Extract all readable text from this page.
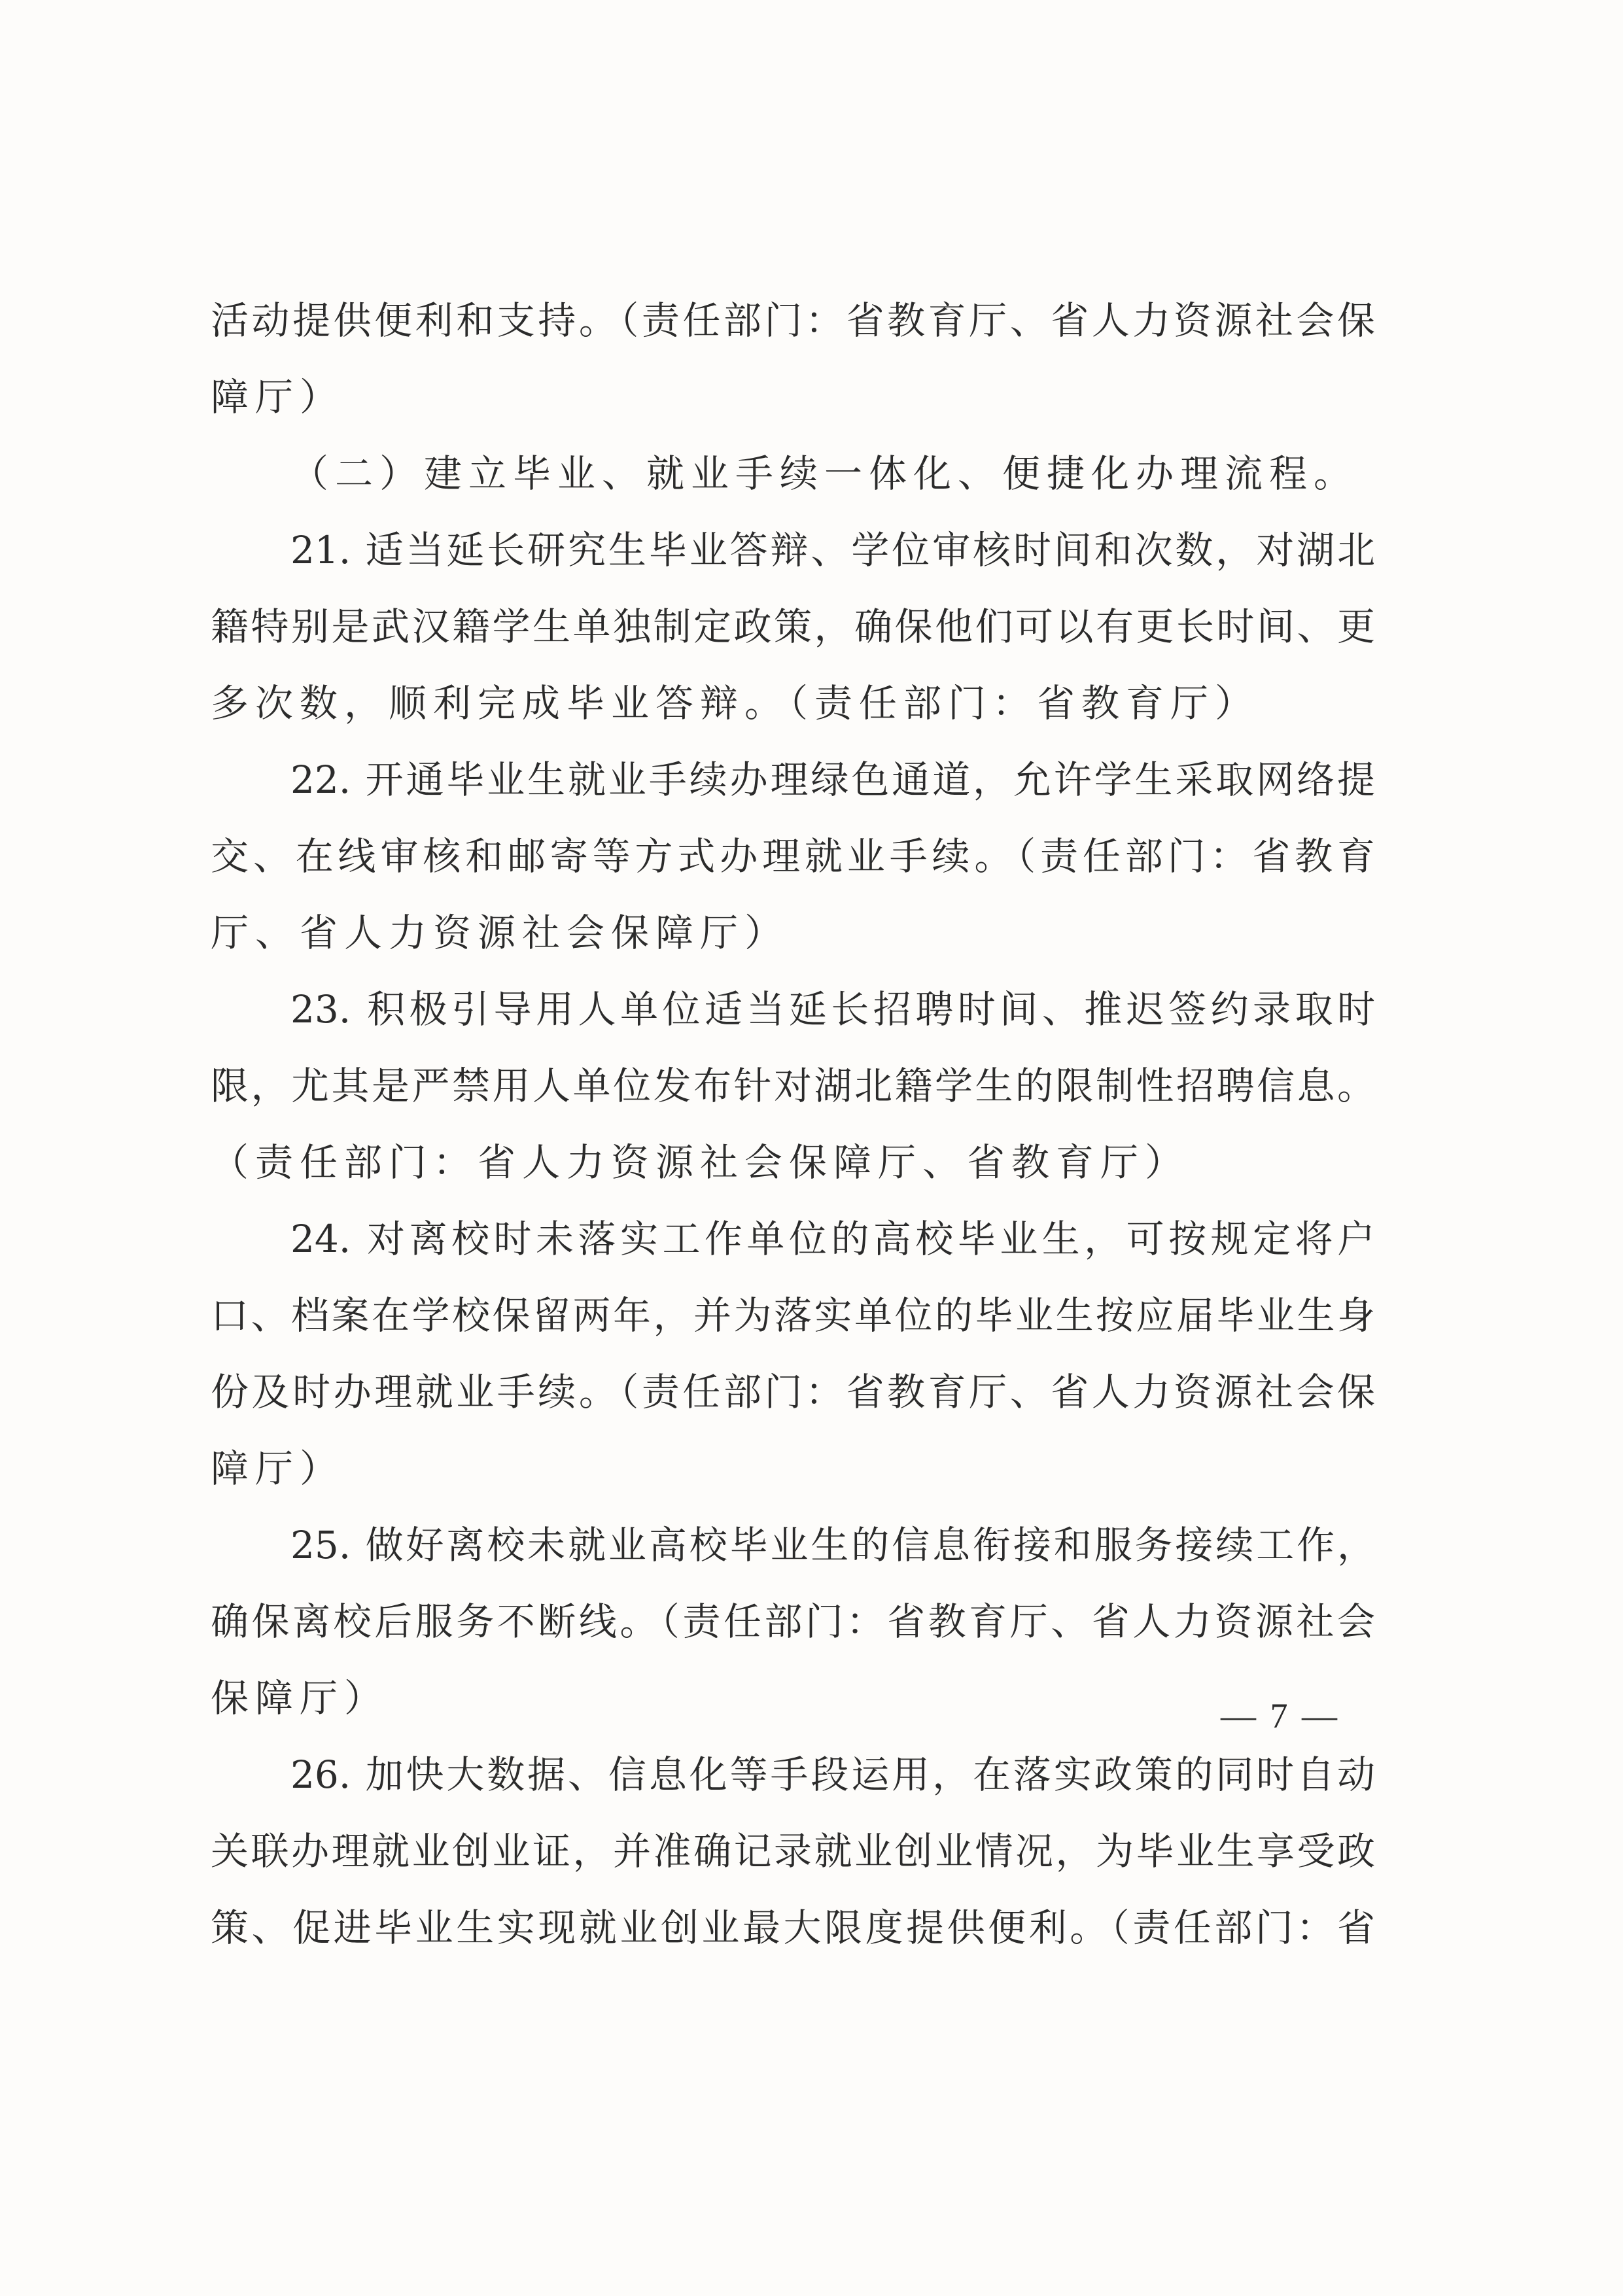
活动提供便利和支持。（责任部门：省教育厅、省人力资源社会保
障厅）
（二）建立毕业、就业手续一体化、便捷化办理流程。
21. 适当延长研究生毕业答辩、学位审核时间和次数，对湖北
籍特别是武汉籍学生单独制定政策，确保他们可以有更长时间、更
多次数，顺利完成毕业答辩。（责任部门：省教育厅）
22. 开通毕业生就业手续办理绿色通道，允许学生采取网络提
交、在线审核和邮寄等方式办理就业手续。（责任部门：省教育
厅、省人力资源社会保障厅）
23. 积极引导用人单位适当延长招聘时间、推迟签约录取时
限，尤其是严禁用人单位发布针对湖北籍学生的限制性招聘信息。
（责任部门：省人力资源社会保障厅、省教育厅）
24. 对离校时未落实工作单位的高校毕业生，可按规定将户
口、档案在学校保留两年，并为落实单位的毕业生按应届毕业生身
份及时办理就业手续。（责任部门：省教育厅、省人力资源社会保
障厅）
25. 做好离校未就业高校毕业生的信息衔接和服务接续工作，
确保离校后服务不断线。（责任部门：省教育厅、省人力资源社会
保障厅）
26. 加快大数据、信息化等手段运用，在落实政策的同时自动
关联办理就业创业证，并准确记录就业创业情况，为毕业生享受政
策、促进毕业生实现就业创业最大限度提供便利。（责任部门：省
— 7 —
